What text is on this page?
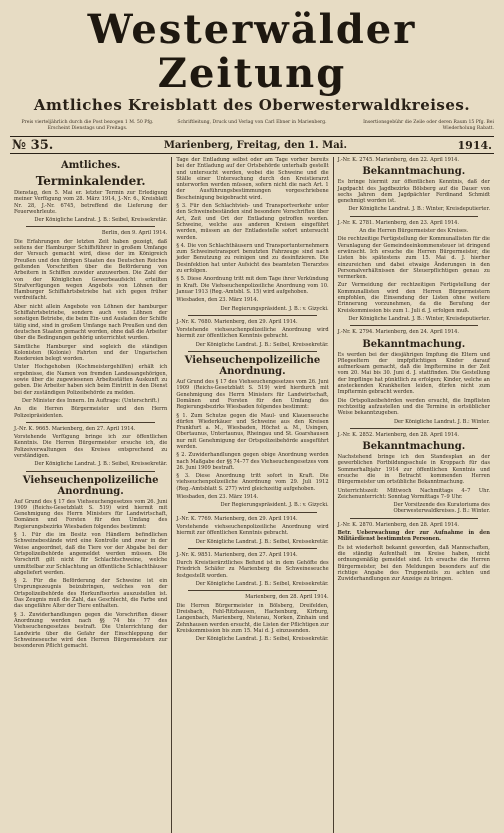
Westerwälder Zeitung
Amtliches Kreisblatt des Oberwesterwaldkreises.
Preis vierteljährlich durch die Post bezogen 1 M. 50 Pfg. Erscheint Dienstags und Freitags.
Schriftleitung, Druck und Verlag von Carl Ebner in Marienberg.	Insertionsgebühr die Zeile oder deren Raum 15 Pfg. Bei Wiederholung Rabatt.
№ 35.	Marienberg, Freitag, den 1. Mai.	1914.
Amtliches.
Terminkalender.

Dienstag, den 5. Mai er. letzter Termin zur Erledigung meiner Verfügung vom 28. März 1914, J.-Nr. 6., Kreisblatt Nr. 28, J.-Nr. 6745, betreffend die Lieferung der Feuerwehrleute.

Der Königliche Landrat. J. B.: Seibel, Kreissekretär.

Berlin, den 9. April 1914.

Die Erfahrungen der letzten Zeit haben gezeigt, daß seitens der Hamburger Schiffsführer in großem Umfange der Versuch gemacht wird, diese der im Königreich Preußen und den übrigen Staaten des Deutschen Reiches geltenden Vorschriften über die Beförderung von Arbeitern in Schiffen zuwider anzuwerben. Die Zahl der von der Königlichen Gewerbeaufsicht erteilten Strafverfügungen wegen Angebots von Löhnen der Hamburger Schiffahrtsbetriebe hat sich gegen früher verdreifacht.

Aber nicht allein Angebote von Löhnen der hamburger Schiffahrtsbetriebe, sondern auch von Löhnen der sonstigen Betriebe, die beim Ein- und Ausladen der Schiffe tätig sind, sind in großem Umfange nach Preußen und den deutschen Staaten gemacht worden, ohne daß die Arbeiter über die Bedingungen gehörig unterrichtet wurden.

Sämtliche Hamburger sind sogleich die ständigen Kolonisten (Kolonie) Fahrten und der Ungarischen Reedereien belegt worden.

Unter Hochgehoben (Kochmeistergehilfen) erhält ich ergebnisse, die Namen von fremden Landesangehörigen, sowie über die zugewiesenen Arbeitsstätten Auskunft zu geben. Die Arbeiter haben sich beim Eintritt in den Dienst bei der zuständigen Polizeibehörde zu melden.

Der Minister des Innern. Im Auftrage: (Unterschrift.)

An die Herren Bürgermeister und den Herrn Polizeipräsidenten.

J.-Nr. K. 9665. Marienberg, den 27. April 1914.

Vorstehende Verfügung bringe ich zur öffentlichen Kenntnis. Die Herren Bürgermeister ersuche ich, die Polizeiverwaltungen des Kreises entsprechend zu verständigen.

Der Königliche Landrat. J. B.: Seibel, Kreissekretär.

Viehseuchenpolizeiliche Anordnung.

Auf Grund des § 17 des Viehseuchengesetzes vom 26. Juni 1909 (Reichs-Gesetzblatt S. 519) wird hiermit mit Genehmigung des Herrn Ministers für Landwirtschaft, Domänen und Forsten für den Umfang des Regierungsbezirks Wiesbaden folgendes bestimmt:

§ 1. Für die im Besitz von Händlern befindlichen Schweinebestände wird eine Kontrolle und zwar in der Weise angeordnet, daß die Tiere vor der Abgabe bei der Ortspolizeibehörde angemeldet werden müssen. Die Vorschrift gilt nicht für Schlachtschweine, welche unmittelbar zur Schlachtung an öffentliche Schlachthäuser abgeliefert werden.

§ 2. Für die Beförderung der Schweine ist ein Ursprungszeugnis beizubringen, welches von der Ortspolizeibehörde des Herkunftsortes auszustellen ist. Das Zeugnis muß die Zahl, das Geschlecht, die Farbe und das ungefähre Alter der Tiere enthalten.

§ 3. Zuwiderhandlungen gegen die Vorschriften dieser Anordnung werden nach §§ 74 bis 77 des Viehseuchengesetzes bestraft. Die Unterrichtung der Landwirte über die Gefahr der Einschleppung der Schweineseuche wird den Herren Bürgermeistern zur besonderen Pflicht gemacht.

Tage der Entladung selbst oder am Tage vorher bereits bei der Entladung auf der Ortsbehörde unterhalb gestellt und untersucht werden, wobei die Schweine und die Ställe einer Untersuchung durch den Kreistierarzt unterworfen werden müssen, sofern nicht die nach Art. 1 der Ausführungsbestimmungen vorgeschriebene Bescheinigung beigebracht wird.

§ 3. Für den Schlachtvieh- und Transportverkehr unter den Schweinebeständen sind besondere Vorschriften über Art, Zeit und Ort der Entladung getroffen worden. Schweine, welche aus anderen Kreisen eingeführt werden, müssen an der Entladestelle sofort untersucht werden.

§ 4. Die von Schlachthäusern und Transportunternehmern zum Schweinetransport benutzten Fahrzeuge sind nach jeder Benutzung zu reinigen und zu desinfizieren. Die Desinfektion hat unter Aufsicht des beamteten Tierarztes zu erfolgen.

§ 5. Diese Anordnung tritt mit dem Tage ihrer Verkündung in Kraft. Die Viehseuchenpolizeiliche Anordnung vom 10. Januar 1913 (Reg.-Amtsbl. S. 15) wird aufgehoben.

Wiesbaden, den 23. März 1914.

Der Regierungspräsident. J. B.: v. Gizycki.

J.-Nr. K. 7680. Marienberg, den 29. April 1914.

Vorstehende viehseuchenpolizeiliche Anordnung wird hiermit zur öffentlichen Kenntnis gebracht.

Der Königliche Landrat. J. B.: Seibel, Kreissekretär.

Viehseuchenpolizeiliche Anordnung.

Auf Grund des § 17 des Viehseuchengesetzes vom 26. Juni 1909 (Reichs-Gesetzblatt S. 519) wird hierdurch mit Genehmigung des Herrn Ministers für Landwirtschaft, Domänen und Forsten für den Umfang des Regierungsbezirks Wiesbaden folgendes bestimmt:

§ 1. Zum Schutze gegen die Maul- und Klauenseuche dürfen Wiederkäuer und Schweine aus den Kreisen Frankfurt a. M., Wiesbaden, Höchst a. M., Usingen, Obertaunus, Untertaunus, Rheingau und St. Goarshausen nur mit Genehmigung der Ortspolizeibehörde ausgeführt werden.

§ 2. Zuwiderhandlungen gegen obige Anordnung werden nach Maßgabe der §§ 74–77 des Viehseuchengesetzes vom 26. Juni 1909 bestraft.

§ 3. Diese Anordnung tritt sofort in Kraft. Die viehseuchenpolizeiliche Anordnung vom 29. Juli 1912 (Reg.-Amtsblatt S. 277) wird gleichzeitig aufgehoben.

Wiesbaden, den 23. März 1914.

Der Regierungspräsident. J. B.: v. Gizycki.

J.-Nr. K. 7769. Marienberg, den 29. April 1914.

Vorstehende viehseuchenpolizeiliche Anordnung wird hiermit zur öffentlichen Kenntnis gebracht.

Der Königliche Landrat. J. B.: Seibel, Kreissekretär.

J.-Nr. K. 9851. Marienberg, den 27. April 1914.

Durch Kreistierärztliches Befund ist in dem Gehöfte des Friedrich Schäfer zu Marienberg die Schweineseuche festgestellt worden.

Der Königliche Landrat. J. B.: Seibel, Kreissekretär.

Marienberg, den 28. April 1914.

Die Herren Bürgermeister in Bölsberg, Dreifelden, Dreisbach, Fehl-Ritzhausen, Hachenburg, Kirburg, Langenbach, Marienberg, Nisterau, Norken, Zinhain und Zehnhausen werden ersucht, die Listen der Pflichtigen zur Kreiskommission bis zum 15. Mai d. J. einzusenden.

Der Königliche Landrat. J. B.: Seibel, Kreissekretär.

J.-Nr. K. 2745. Marienberg, den 22. April 1914.

Bekanntmachung.

Es bringe hiermit zur öffentlichen Kenntnis, daß der Jagdpacht des Jagdbezirks Bölsberg auf die Dauer von sechs Jahren dem Jagdpächter Ferdinand Schmidt genehmigt worden ist.

Der Königliche Landrat. J. B.: Winter, Kreisdeputierter.

J.-Nr. K. 2781. Marienberg, den 23. April 1914.

An die Herren Bürgermeister des Kreises.

Die rechtzeitige Fertigstellung der Kommunallisten für die Veranlagung der Gemeindeeinkommensteuer ist dringend erwünscht. Ich ersuche die Herren Bürgermeister, die Listen bis spätestens zum 15. Mai d. J. hierher einzureichen und dabei etwaige Änderungen in den Personalverhältnissen der Steuerpflichtigen genau zu vermerken.

Zur Vermeidung der rechtzeitigen Fertigstellung der Kommunallisten wird den Herren Bürgermeistern empfohlen, die Einsendung der Listen ohne weitere Erinnerung vorzunehmen, da die Berufung der Kreiskommission bis zum 1. Juli d. J. erfolgen muß.

Der Königliche Landrat. J. B.: Winter, Kreisdeputierter.

J.-Nr. K. 2794. Marienberg, den 24. April 1914.

Bekanntmachung.

Es werden bei der diesjährigen Impfung die Eltern und Pflegeeltern der impfpflichtigen Kinder darauf aufmerksam gemacht, daß die Impftermine in der Zeit vom 20. Mai bis 30. Juni d. J. stattfinden. Die Gestellung der Impflinge hat pünktlich zu erfolgen; Kinder, welche an ansteckenden Krankheiten leiden, dürfen nicht zum Impftermin gebracht werden.

Die Ortspolizeibehörden werden ersucht, die Impflisten rechtzeitig aufzustellen und die Termine in ortsüblicher Weise bekanntzugeben.

Der Königliche Landrat. J. B.: Winter.

J.-Nr. K. 2852. Marienberg, den 28. April 1914.

Bekanntmachung.

Nachstehend bringe ich den Standesplan an der gewerblichen Fortbildungsschule in Kroppach für das Sommerhalbjahr 1914 zur öffentlichen Kenntnis und ersuche die in Betracht kommenden Herren Bürgermeister um ortsübliche Bekanntmachung.

Unterrichtszeit: Mittwoch Nachmittags 4–7 Uhr. Zeichenunterricht: Sonntag Vormittags 7–9 Uhr.

Der Vorsitzende des Kuratoriums des Oberwesterwaldkreises. J. B.: Winter.

J.-Nr. K. 2870. Marienberg, den 28. April 1914.

Betr. Ueberwachung der zur Aufnahme in den Militärdienst bestimmten Personen.

Es ist wiederholt bekannt geworden, daß Mannschaften, die ständig Aufenthalt im Kreise haben, nicht ordnungsmäßig gemeldet sind. Ich ersuche die Herren Bürgermeister, bei den Meldungen besonders auf die richtige Angabe des Truppenteils zu achten und Zuwiderhandlungen zur Anzeige zu bringen.
